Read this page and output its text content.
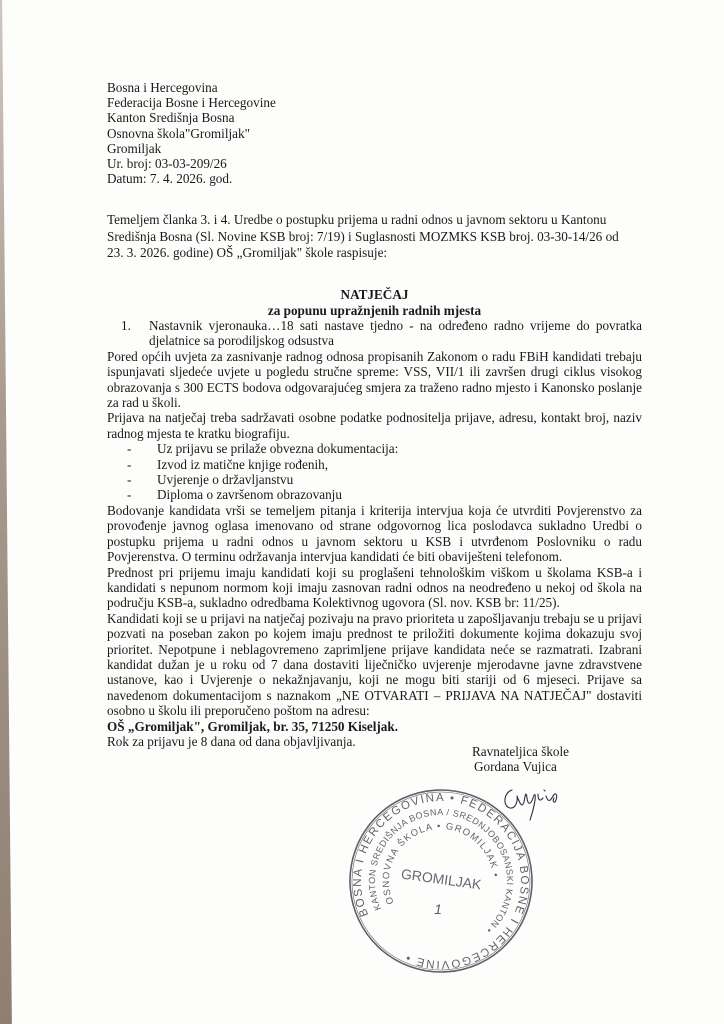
Bosna i Hercegovina
Federacija Bosne i Hercegovine
Kanton Središnja Bosna
Osnovna škola"Gromiljak"
Gromiljak
Ur. broj: 03-03-209/26
Datum: 7. 4. 2026. god.
Temeljem članka 3. i 4. Uredbe o postupku prijema u radni odnos u javnom sektoru u Kantonu
Središnja Bosna (Sl. Novine KSB broj: 7/19) i Suglasnosti MOZMKS KSB broj. 03-30-14/26 od
23. 3. 2026. godine) OŠ „Gromiljak" škole raspisuje:
NATJEČAJ
za popunu upražnjenih radnih mjesta
1.	Nastavnik vjeronauka…18 sati nastave tjedno - na određeno radno vrijeme do povratka djelatnice sa porodiljskog odsustva

Pored općih uvjeta za zasnivanje radnog odnosa propisanih Zakonom o radu FBiH kandidati trebaju ispunjavati sljedeće uvjete u pogledu stručne spreme: VSS, VII/1 ili završen drugi ciklus visokog obrazovanja s 300 ECTS bodova odgovarajućeg smjera za traženo radno mjesto i Kanonsko poslanje za rad u školi.

Prijava na natječaj treba sadržavati osobne podatke podnositelja prijave, adresu, kontakt broj, naziv radnog mjesta te kratku biografiju.

-	Uz prijavu se prilaže obvezna dokumentacija:
-	Izvod iz matične knjige rođenih,
-	Uvjerenje o državljanstvu
-	Diploma o završenom obrazovanju

Bodovanje kandidata vrši se temeljem pitanja i kriterija intervjua koja će utvrditi Povjerenstvo za provođenje javnog oglasa imenovano od strane odgovornog lica poslodavca sukladno Uredbi o postupku prijema u radni odnos u javnom sektoru u KSB i utvrđenom Poslovniku o radu Povjerenstva. O terminu održavanja intervjua kandidati će biti obaviješteni telefonom.

Prednost pri prijemu imaju kandidati koji su proglašeni tehnološkim viškom u školama KSB-a i kandidati s nepunom normom koji imaju zasnovan radni odnos na neodređeno u nekoj od škola na području KSB-a, sukladno odredbama Kolektivnog ugovora (Sl. nov. KSB br: 11/25).

Kandidati koji se u prijavi na natječaj pozivaju na pravo prioriteta u zapošljavanju trebaju se u prijavi pozvati na poseban zakon po kojem imaju prednost te priložiti dokumente kojima dokazuju svoj prioritet. Nepotpune i neblagovremeno zaprimljene prijave kandidata neće se razmatrati. Izabrani kandidat dužan je u roku od 7 dana dostaviti liječničko uvjerenje mjerodavne javne zdravstvene ustanove, kao i Uvjerenje o nekažnjavanju, koji ne mogu biti stariji od 6 mjeseci. Prijave sa navedenom dokumentacijom s naznakom „NE OTVARATI – PRIJAVA NA NATJEČAJ" dostaviti osobno u školu ili preporučeno poštom na adresu:

OŠ „Gromiljak", Gromiljak, br. 35, 71250 Kiseljak.
Rok za prijavu je 8 dana od dana objavljivanja.
Ravnateljica škole
Gordana Vujica
BOSNA I HERCEGOVINA • FEDERACIJA BOSNE I HERCEGOVINE •
KANTON SREDIŠNJA BOSNA / SREDNJOBOSANSKI KANTON •
OSNOVNA ŠKOLA • GROMILJAK •
GROMILJAK
1
